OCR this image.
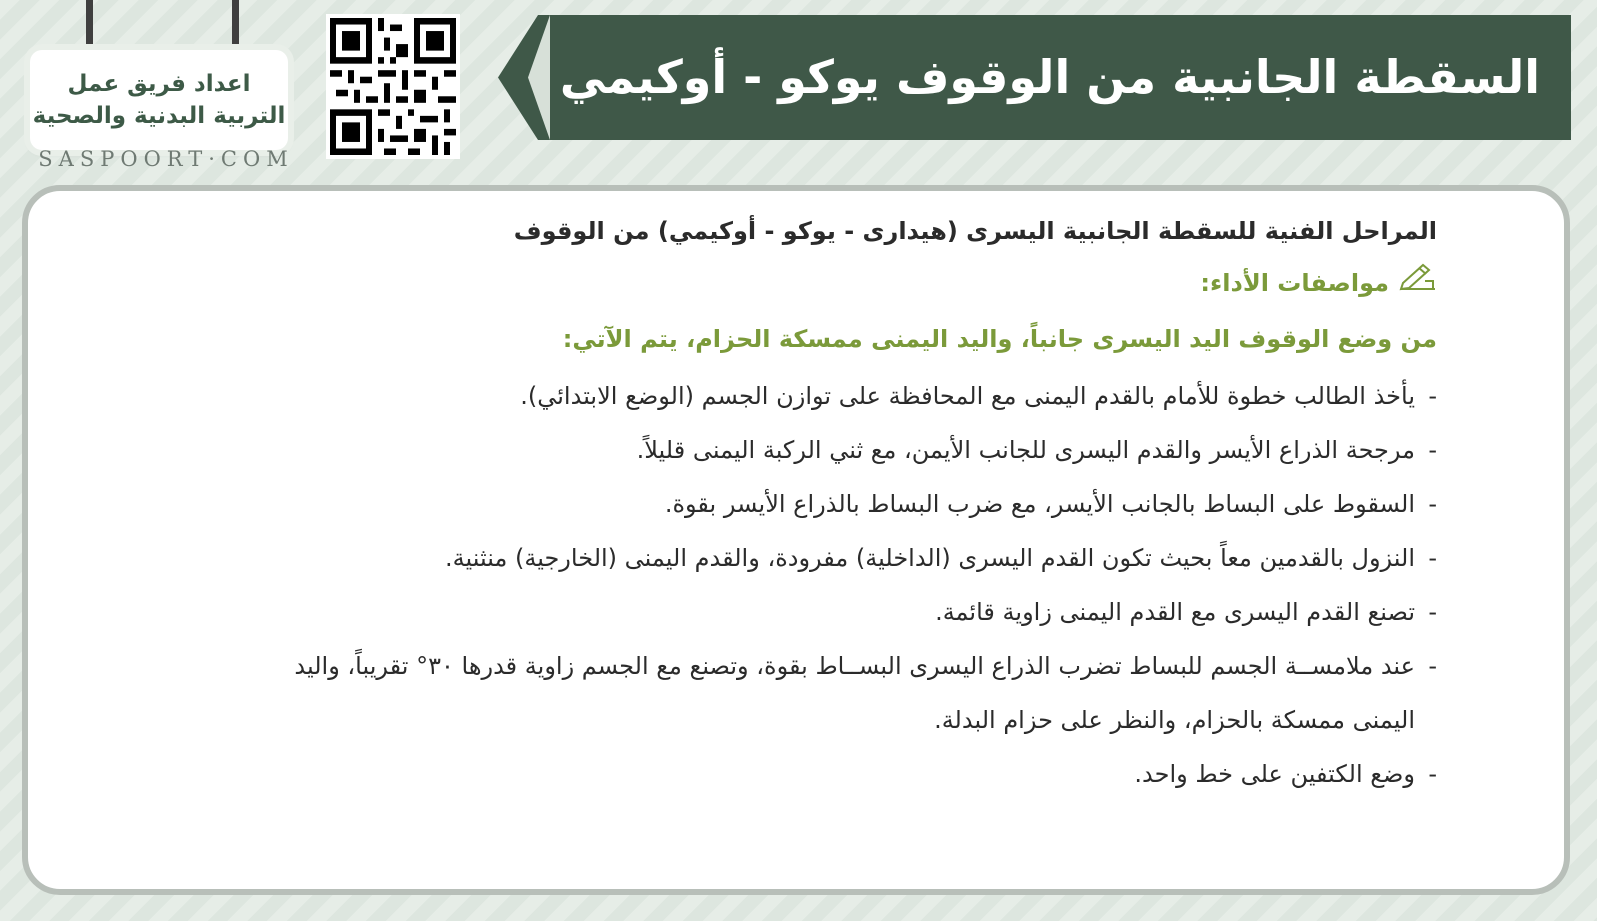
اعداد فريق عمل
التربية البدنية والصحية
SASPOORT·COM
السقطة الجانبية من الوقوف يوكو - أوكيمي
المراحل الفنية للسقطة الجانبية اليسرى (هيدارى - يوكو - أوكيمي) من الوقوف
مواصفات الأداء:
من وضع الوقوف اليد اليسرى جانباً، واليد اليمنى ممسكة الحزام، يتم الآتي:
-يأخذ الطالب خطوة للأمام بالقدم اليمنى مع المحافظة على توازن الجسم (الوضع الابتدائي).
-مرجحة الذراع الأيسر والقدم اليسرى للجانب الأيمن، مع ثني الركبة اليمنى قليلاً.
-السقوط على البساط بالجانب الأيسر، مع ضرب البساط بالذراع الأيسر بقوة.
-النزول بالقدمين معاً بحيث تكون القدم اليسرى (الداخلية) مفرودة، والقدم اليمنى (الخارجية) منثنية.
-تصنع القدم اليسرى مع القدم اليمنى زاوية قائمة.
-عند ملامســة الجسم للبساط تضرب الذراع اليسرى البســاط بقوة، وتصنع مع الجسم زاوية قدرها ٣٠° تقريباً، واليد
اليمنى ممسكة بالحزام، والنظر على حزام البدلة.
-وضع الكتفين على خط واحد.
